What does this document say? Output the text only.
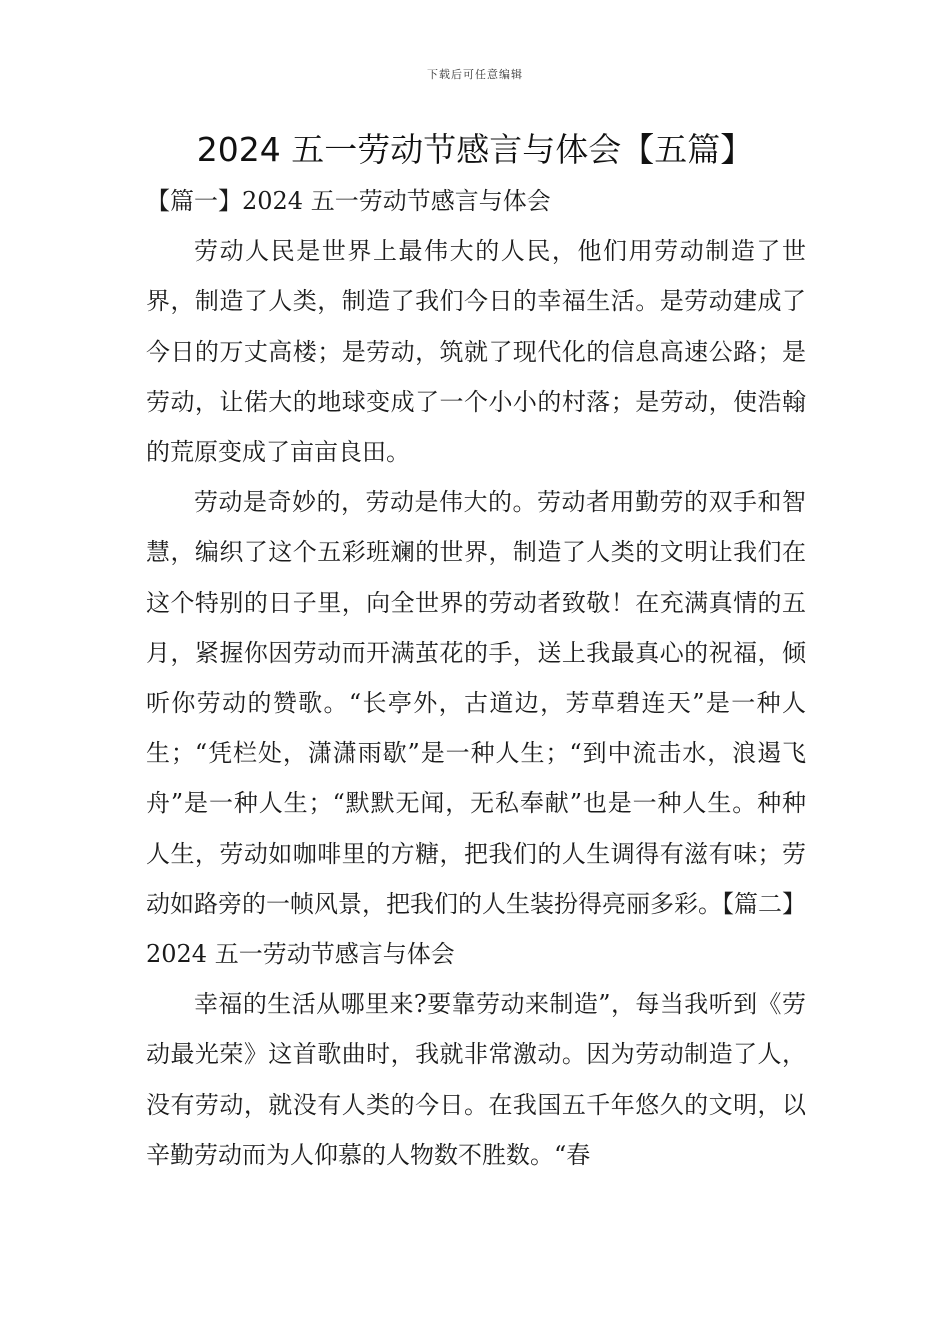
下载后可任意编辑
2024 五一劳动节感言与体会【五篇】

【篇一】2024 五一劳动节感言与体会

劳动人民是世界上最伟大的人民，他们用劳动制造了世界，制造了人类，制造了我们今日的幸福生活。是劳动建成了今日的万丈高楼；是劳动，筑就了现代化的信息高速公路；是劳动，让偌大的地球变成了一个小小的村落；是劳动，使浩翰的荒原变成了亩亩良田。

劳动是奇妙的，劳动是伟大的。劳动者用勤劳的双手和智慧，编织了这个五彩班斓的世界，制造了人类的文明让我们在这个特别的日子里，向全世界的劳动者致敬！在充满真情的五月，紧握你因劳动而开满茧花的手，送上我最真心的祝福，倾听你劳动的赞歌。“长亭外，古道边，芳草碧连天”是一种人生；“凭栏处，潇潇雨歇”是一种人生；“到中流击水，浪遏飞舟”是一种人生；“默默无闻，无私奉献”也是一种人生。种种人生，劳动如咖啡里的方糖，把我们的人生调得有滋有味；劳动如路旁的一帧风景，把我们的人生装扮得亮丽多彩。【篇二】2024 五一劳动节感言与体会

幸福的生活从哪里来?要靠劳动来制造”，每当我听到《劳动最光荣》这首歌曲时，我就非常激动。因为劳动制造了人，没有劳动，就没有人类的今日。在我国五千年悠久的文明，以辛勤劳动而为人仰慕的人物数不胜数。“春
